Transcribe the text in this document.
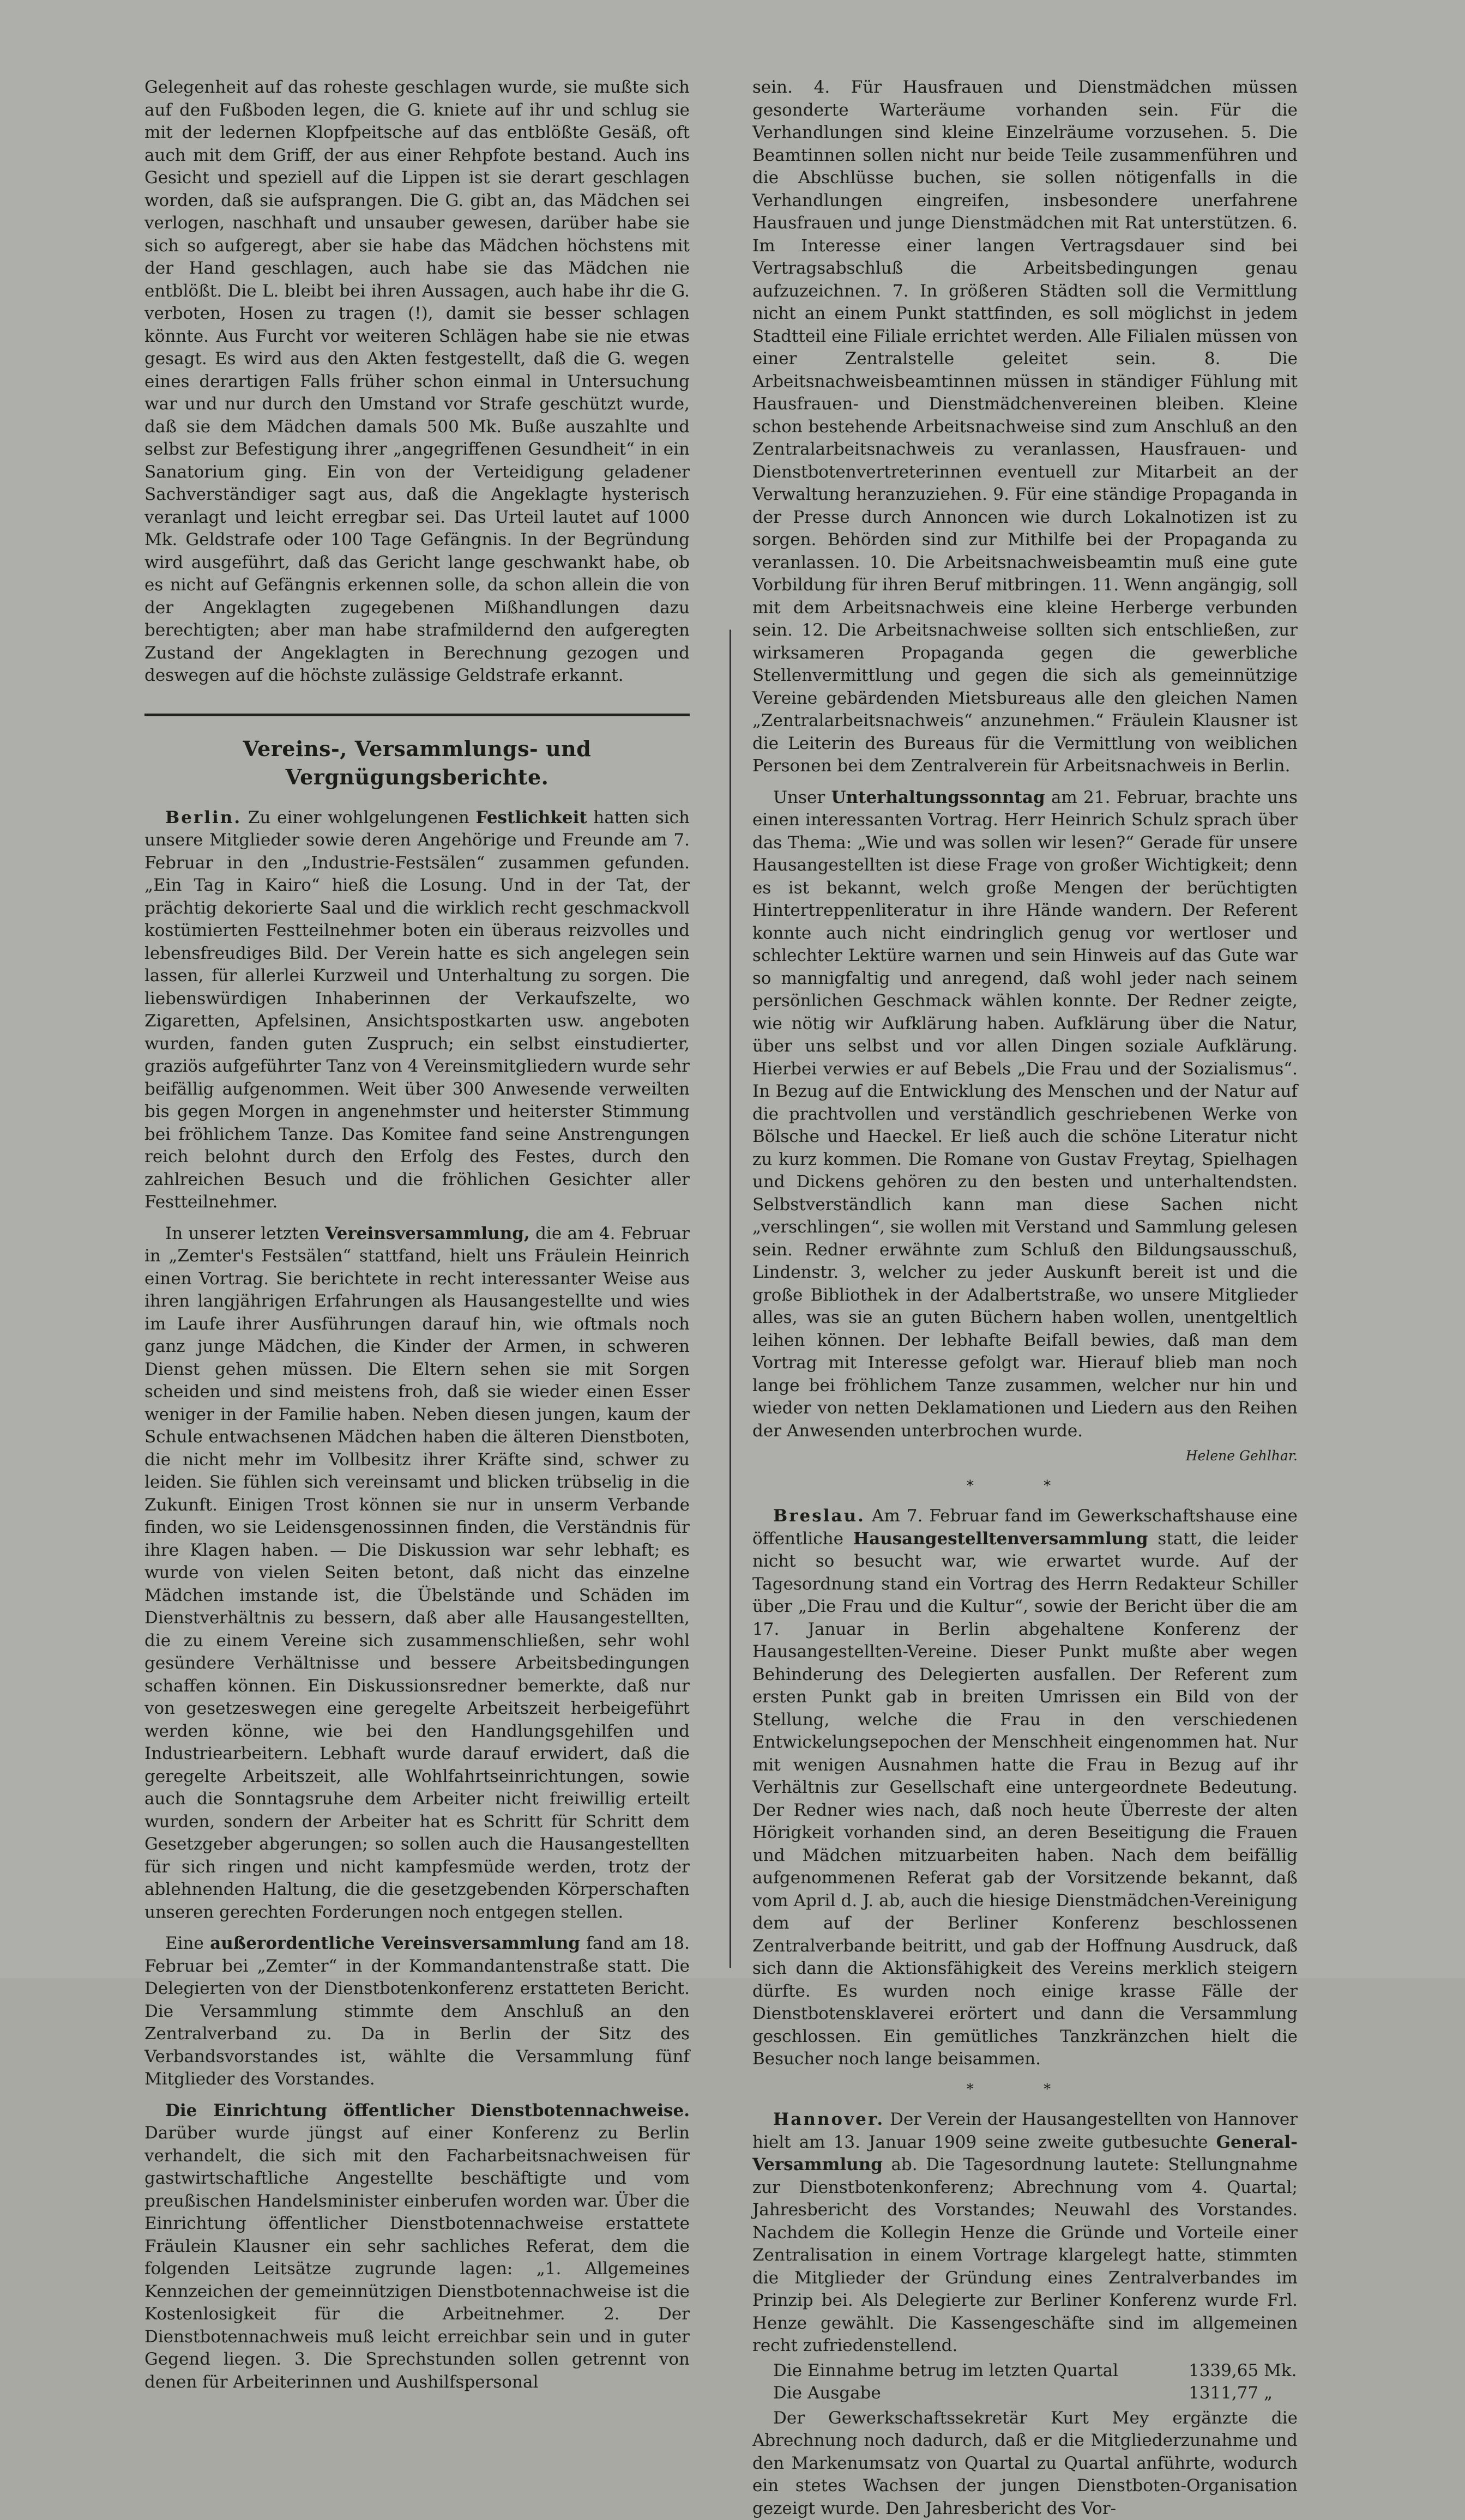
Gelegenheit auf das roheste geschlagen wurde, sie mußte sich auf den Fußboden legen, die G. kniete auf ihr und schlug sie mit der ledernen Klopfpeitsche auf das entblößte Gesäß, oft auch mit dem Griff, der aus einer Rehpfote bestand. Auch ins Gesicht und speziell auf die Lippen ist sie derart geschlagen worden, daß sie aufsprangen. Die G. gibt an, das Mädchen sei verlogen, naschhaft und unsauber gewesen, darüber habe sie sich so aufgeregt, aber sie habe das Mädchen höchstens mit der Hand geschlagen, auch habe sie das Mädchen nie entblößt. Die L. bleibt bei ihren Aussagen, auch habe ihr die G. verboten, Hosen zu tragen (!), damit sie besser schlagen könnte. Aus Furcht vor weiteren Schlägen habe sie nie etwas gesagt. Es wird aus den Akten festgestellt, daß die G. wegen eines derartigen Falls früher schon einmal in Untersuchung war und nur durch den Umstand vor Strafe geschützt wurde, daß sie dem Mädchen damals 500 Mk. Buße auszahlte und selbst zur Befestigung ihrer „angegriffenen Gesundheit“ in ein Sanatorium ging. Ein von der Verteidigung geladener Sachverständiger sagt aus, daß die Angeklagte hysterisch veranlagt und leicht erregbar sei. Das Urteil lautet auf 1000 Mk. Geldstrafe oder 100 Tage Gefängnis. In der Begründung wird ausgeführt, daß das Gericht lange geschwankt habe, ob es nicht auf Gefängnis erkennen solle, da schon allein die von der Angeklagten zugegebenen Mißhandlungen dazu berechtigten; aber man habe strafmildernd den aufgeregten Zustand der Angeklagten in Berechnung gezogen und deswegen auf die höchste zulässige Geldstrafe erkannt.

Vereins-, Versammlungs- und Vergnügungsberichte.

Berlin. Zu einer wohlgelungenen Festlichkeit hatten sich unsere Mitglieder sowie deren Angehörige und Freunde am 7. Februar in den „Industrie-Festsälen“ zusammen gefunden. „Ein Tag in Kairo“ hieß die Losung. Und in der Tat, der prächtig dekorierte Saal und die wirklich recht geschmackvoll kostümierten Festteilnehmer boten ein überaus reizvolles und lebensfreudiges Bild. Der Verein hatte es sich angelegen sein lassen, für allerlei Kurzweil und Unterhaltung zu sorgen. Die liebenswürdigen Inhaberinnen der Verkaufszelte, wo Zigaretten, Apfelsinen, Ansichtspostkarten usw. angeboten wurden, fanden guten Zuspruch; ein selbst einstudierter, graziös aufgeführter Tanz von 4 Vereinsmitgliedern wurde sehr beifällig aufgenommen. Weit über 300 Anwesende verweilten bis gegen Morgen in angenehmster und heiterster Stimmung bei fröhlichem Tanze. Das Komitee fand seine Anstrengungen reich belohnt durch den Erfolg des Festes, durch den zahlreichen Besuch und die fröhlichen Gesichter aller Festteilnehmer.

In unserer letzten Vereinsversammlung, die am 4. Februar in „Zemter's Festsälen“ stattfand, hielt uns Fräulein Heinrich einen Vortrag. Sie berichtete in recht interessanter Weise aus ihren langjährigen Erfahrungen als Hausangestellte und wies im Laufe ihrer Ausführungen darauf hin, wie oftmals noch ganz junge Mädchen, die Kinder der Armen, in schweren Dienst gehen müssen. Die Eltern sehen sie mit Sorgen scheiden und sind meistens froh, daß sie wieder einen Esser weniger in der Familie haben. Neben diesen jungen, kaum der Schule entwachsenen Mädchen haben die älteren Dienstboten, die nicht mehr im Vollbesitz ihrer Kräfte sind, schwer zu leiden. Sie fühlen sich vereinsamt und blicken trübselig in die Zukunft. Einigen Trost können sie nur in unserm Verbande finden, wo sie Leidensgenossinnen finden, die Verständnis für ihre Klagen haben. — Die Diskussion war sehr lebhaft; es wurde von vielen Seiten betont, daß nicht das einzelne Mädchen imstande ist, die Übelstände und Schäden im Dienstverhältnis zu bessern, daß aber alle Hausangestellten, die zu einem Vereine sich zusammenschließen, sehr wohl gesündere Verhältnisse und bessere Arbeitsbedingungen schaffen können. Ein Diskussionsredner bemerkte, daß nur von gesetzeswegen eine geregelte Arbeitszeit herbeigeführt werden könne, wie bei den Handlungsgehilfen und Industriearbeitern. Lebhaft wurde darauf erwidert, daß die geregelte Arbeitszeit, alle Wohlfahrtseinrichtungen, sowie auch die Sonntagsruhe dem Arbeiter nicht freiwillig erteilt wurden, sondern der Arbeiter hat es Schritt für Schritt dem Gesetzgeber abgerungen; so sollen auch die Hausangestellten für sich ringen und nicht kampfesmüde werden, trotz der ablehnenden Haltung, die die gesetzgebenden Körperschaften unseren gerechten Forderungen noch entgegen stellen.

Eine außerordentliche Vereinsversammlung fand am 18. Februar bei „Zemter“ in der Kommandantenstraße statt. Die Delegierten von der Dienstbotenkonferenz erstatteten Bericht. Die Versammlung stimmte dem Anschluß an den Zentralverband zu. Da in Berlin der Sitz des Verbandsvorstandes ist, wählte die Versammlung fünf Mitglieder des Vorstandes.

Die Einrichtung öffentlicher Dienstbotennachweise. Darüber wurde jüngst auf einer Konferenz zu Berlin verhandelt, die sich mit den Facharbeitsnachweisen für gastwirtschaftliche Angestellte beschäftigte und vom preußischen Handelsminister einberufen worden war. Über die Einrichtung öffentlicher Dienstbotennachweise erstattete Fräulein Klausner ein sehr sachliches Referat, dem die folgenden Leitsätze zugrunde lagen: „1. Allgemeines Kennzeichen der gemeinnützigen Dienstbotennachweise ist die Kostenlosigkeit für die Arbeitnehmer. 2. Der Dienstbotennachweis muß leicht erreichbar sein und in guter Gegend liegen. 3. Die Sprechstunden sollen getrennt von denen für Arbeiterinnen und Aushilfspersonal

sein. 4. Für Hausfrauen und Dienstmädchen müssen gesonderte Warteräume vorhanden sein. Für die Verhandlungen sind kleine Einzelräume vorzusehen. 5. Die Beamtinnen sollen nicht nur beide Teile zusammenführen und die Abschlüsse buchen, sie sollen nötigenfalls in die Verhandlungen eingreifen, insbesondere unerfahrene Hausfrauen und junge Dienstmädchen mit Rat unterstützen. 6. Im Interesse einer langen Vertragsdauer sind bei Vertragsabschluß die Arbeitsbedingungen genau aufzuzeichnen. 7. In größeren Städten soll die Vermittlung nicht an einem Punkt stattfinden, es soll möglichst in jedem Stadtteil eine Filiale errichtet werden. Alle Filialen müssen von einer Zentralstelle geleitet sein. 8. Die Arbeitsnachweisbeamtinnen müssen in ständiger Fühlung mit Hausfrauen- und Dienstmädchenvereinen bleiben. Kleine schon bestehende Arbeitsnachweise sind zum Anschluß an den Zentralarbeitsnachweis zu veranlassen, Hausfrauen- und Dienstbotenvertreterinnen eventuell zur Mitarbeit an der Verwaltung heranzuziehen. 9. Für eine ständige Propaganda in der Presse durch Annoncen wie durch Lokalnotizen ist zu sorgen. Behörden sind zur Mithilfe bei der Propaganda zu veranlassen. 10. Die Arbeitsnachweisbeamtin muß eine gute Vorbildung für ihren Beruf mitbringen. 11. Wenn angängig, soll mit dem Arbeitsnachweis eine kleine Herberge verbunden sein. 12. Die Arbeitsnachweise sollten sich entschließen, zur wirksameren Propaganda gegen die gewerbliche Stellenvermittlung und gegen die sich als gemeinnützige Vereine gebärdenden Mietsbureaus alle den gleichen Namen „Zentralarbeitsnachweis“ anzunehmen.“ Fräulein Klausner ist die Leiterin des Bureaus für die Vermittlung von weiblichen Personen bei dem Zentralverein für Arbeitsnachweis in Berlin.

Unser Unterhaltungssonntag am 21. Februar, brachte uns einen interessanten Vortrag. Herr Heinrich Schulz sprach über das Thema: „Wie und was sollen wir lesen?“ Gerade für unsere Hausangestellten ist diese Frage von großer Wichtigkeit; denn es ist bekannt, welch große Mengen der berüchtigten Hintertreppenliteratur in ihre Hände wandern. Der Referent konnte auch nicht eindringlich genug vor wertloser und schlechter Lektüre warnen und sein Hinweis auf das Gute war so mannigfaltig und anregend, daß wohl jeder nach seinem persönlichen Geschmack wählen konnte. Der Redner zeigte, wie nötig wir Aufklärung haben. Aufklärung über die Natur, über uns selbst und vor allen Dingen soziale Aufklärung. Hierbei verwies er auf Bebels „Die Frau und der Sozialismus“. In Bezug auf die Entwicklung des Menschen und der Natur auf die prachtvollen und verständlich geschriebenen Werke von Bölsche und Haeckel. Er ließ auch die schöne Literatur nicht zu kurz kommen. Die Romane von Gustav Freytag, Spielhagen und Dickens gehören zu den besten und unterhaltendsten. Selbstverständlich kann man diese Sachen nicht „verschlingen“, sie wollen mit Verstand und Sammlung gelesen sein. Redner erwähnte zum Schluß den Bildungsausschuß, Lindenstr. 3, welcher zu jeder Auskunft bereit ist und die große Bibliothek in der Adalbertstraße, wo unsere Mitglieder alles, was sie an guten Büchern haben wollen, unentgeltlich leihen können. Der lebhafte Beifall bewies, daß man dem Vortrag mit Interesse gefolgt war. Hierauf blieb man noch lange bei fröhlichem Tanze zusammen, welcher nur hin und wieder von netten Deklamationen und Liedern aus den Reihen der Anwesenden unterbrochen wurde.

Helene Gehlhar.
* *

Breslau. Am 7. Februar fand im Gewerkschaftshause eine öffentliche Hausangestelltenversammlung statt, die leider nicht so besucht war, wie erwartet wurde. Auf der Tagesordnung stand ein Vortrag des Herrn Redakteur Schiller über „Die Frau und die Kultur“, sowie der Bericht über die am 17. Januar in Berlin abgehaltene Konferenz der Hausangestellten-Vereine. Dieser Punkt mußte aber wegen Behinderung des Delegierten ausfallen. Der Referent zum ersten Punkt gab in breiten Umrissen ein Bild von der Stellung, welche die Frau in den verschiedenen Entwickelungsepochen der Menschheit eingenommen hat. Nur mit wenigen Ausnahmen hatte die Frau in Bezug auf ihr Verhältnis zur Gesellschaft eine untergeordnete Bedeutung. Der Redner wies nach, daß noch heute Überreste der alten Hörigkeit vorhanden sind, an deren Beseitigung die Frauen und Mädchen mitzuarbeiten haben. Nach dem beifällig aufgenommenen Referat gab der Vorsitzende bekannt, daß vom April d. J. ab, auch die hiesige Dienstmädchen-Vereinigung dem auf der Berliner Konferenz beschlossenen Zentralverbande beitritt, und gab der Hoffnung Ausdruck, daß sich dann die Aktionsfähigkeit des Vereins merklich steigern dürfte. Es wurden noch einige krasse Fälle der Dienstbotensklaverei erörtert und dann die Versammlung geschlossen. Ein gemütliches Tanzkränzchen hielt die Besucher noch lange beisammen.

* *

Hannover. Der Verein der Hausangestellten von Hannover hielt am 13. Januar 1909 seine zweite gutbesuchte General-Versammlung ab. Die Tagesordnung lautete: Stellungnahme zur Dienstbotenkonferenz; Abrechnung vom 4. Quartal; Jahresbericht des Vorstandes; Neuwahl des Vorstandes. Nachdem die Kollegin Henze die Gründe und Vorteile einer Zentralisation in einem Vortrage klargelegt hatte, stimmten die Mitglieder der Gründung eines Zentralverbandes im Prinzip bei. Als Delegierte zur Berliner Konferenz wurde Frl. Henze gewählt. Die Kassengeschäfte sind im allgemeinen recht zufriedenstellend.

Die Einnahme betrug im letzten Quartal	1339,65 Mk.
Die Ausgabe	1311,77 „

Der Gewerkschaftssekretär Kurt Mey ergänzte die Abrechnung noch dadurch, daß er die Mitgliederzunahme und den Markenumsatz von Quartal zu Quartal anführte, wodurch ein stetes Wachsen der jungen Dienstboten-Organisation gezeigt wurde. Den Jahresbericht des Vor-
